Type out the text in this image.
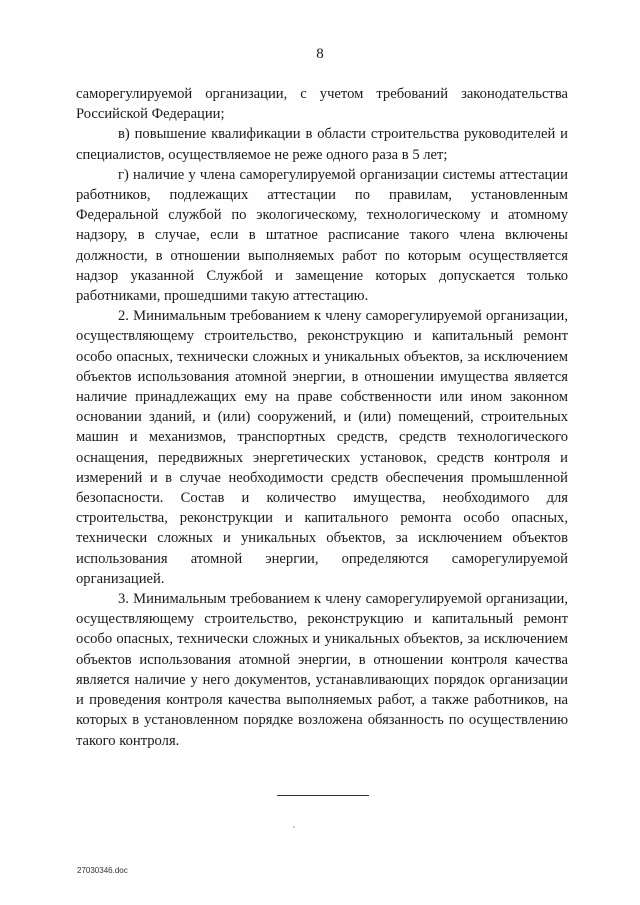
8

саморегулируемой организации, с учетом требований законодательства Российской Федерации;

в) повышение квалификации в области строительства руководителей и специалистов, осуществляемое не реже одного раза в 5 лет;

г) наличие у члена саморегулируемой организации системы аттестации работников, подлежащих аттестации по правилам, установленным Федеральной службой по экологическому, технологическому и атомному надзору, в случае, если в штатное расписание такого члена включены должности, в отношении выполняемых работ по которым осуществляется надзор указанной Службой и замещение которых допускается только работниками, прошедшими такую аттестацию.

2. Минимальным требованием к члену саморегулируемой организации, осуществляющему строительство, реконструкцию и капитальный ремонт особо опасных, технически сложных и уникальных объектов, за исключением объектов использования атомной энергии, в отношении имущества является наличие принадлежащих ему на праве собственности или ином законном основании зданий, и (или) сооружений, и (или) помещений, строительных машин и механизмов, транспортных средств, средств технологического оснащения, передвижных энергетических установок, средств контроля и измерений и в случае необходимости средств обеспечения промышленной безопасности. Состав и количество имущества, необходимого для строительства, реконструкции и капитального ремонта особо опасных, технически сложных и уникальных объектов, за исключением объектов использования атомной энергии, определяются саморегулируемой организацией.

3. Минимальным требованием к члену саморегулируемой организации, осуществляющему строительство, реконструкцию и капитальный ремонт особо опасных, технически сложных и уникальных объектов, за исключением объектов использования атомной энергии, в отношении контроля качества является наличие у него документов, устанавливающих порядок организации и проведения контроля качества выполняемых работ, а также работников, на которых в установленном порядке возложена обязанность по осуществлению такого контроля.

27030346.doc
